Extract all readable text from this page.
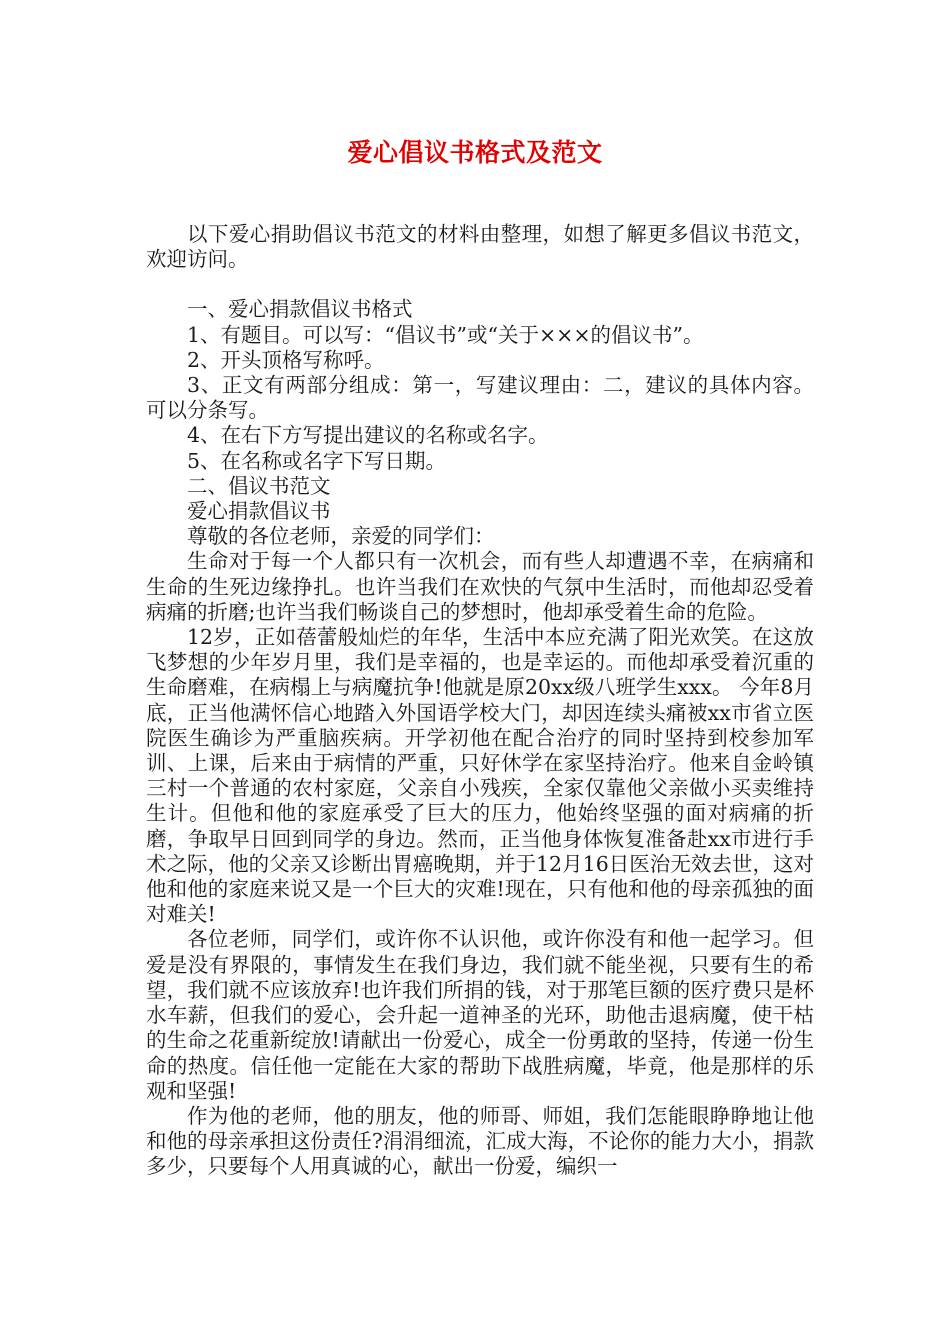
爱心倡议书格式及范文

以下爱心捐助倡议书范文的材料由整理，如想了解更多倡议书范文，欢迎访问。

一、爱心捐款倡议书格式

1、有题目。可以写：“倡议书”或“关于×××的倡议书”。

2、开头顶格写称呼。

3、正文有两部分组成：第一，写建议理由：二，建议的具体内容。可以分条写。

4、在右下方写提出建议的名称或名字。

5、在名称或名字下写日期。

二、倡议书范文

爱心捐款倡议书

尊敬的各位老师，亲爱的同学们：

生命对于每一个人都只有一次机会，而有些人却遭遇不幸，在病痛和生命的生死边缘挣扎。也许当我们在欢快的气氛中生活时，而他却忍受着病痛的折磨;也许当我们畅谈自己的梦想时，他却承受着生命的危险。

12岁，正如蓓蕾般灿烂的年华，生活中本应充满了阳光欢笑。在这放飞梦想的少年岁月里，我们是幸福的，也是幸运的。而他却承受着沉重的生命磨难，在病榻上与病魔抗争!他就是原20xx级八班学生xxx。 今年8月底，正当他满怀信心地踏入外国语学校大门，却因连续头痛被xx市省立医院医生确诊为严重脑疾病。开学初他在配合治疗的同时坚持到校参加军训、上课，后来由于病情的严重，只好休学在家坚持治疗。他来自金岭镇三村一个普通的农村家庭，父亲自小残疾，全家仅靠他父亲做小买卖维持生计。但他和他的家庭承受了巨大的压力，他始终坚强的面对病痛的折磨，争取早日回到同学的身边。然而，正当他身体恢复准备赴xx市进行手术之际，他的父亲又诊断出胃癌晚期，并于12月16日医治无效去世，这对他和他的家庭来说又是一个巨大的灾难!现在，只有他和他的母亲孤独的面对难关!

各位老师，同学们，或许你不认识他，或许你没有和他一起学习。但爱是没有界限的，事情发生在我们身边，我们就不能坐视，只要有生的希望，我们就不应该放弃!也许我们所捐的钱，对于那笔巨额的医疗费只是杯水车薪，但我们的爱心，会升起一道神圣的光环，助他击退病魔，使干枯的生命之花重新绽放!请献出一份爱心，成全一份勇敢的坚持，传递一份生命的热度。信任他一定能在大家的帮助下战胜病魔，毕竟，他是那样的乐观和坚强!

作为他的老师，他的朋友，他的师哥、师姐，我们怎能眼睁睁地让他和他的母亲承担这份责任?涓涓细流，汇成大海，不论你的能力大小，捐款多少，只要每个人用真诚的心，献出一份爱，编织一
